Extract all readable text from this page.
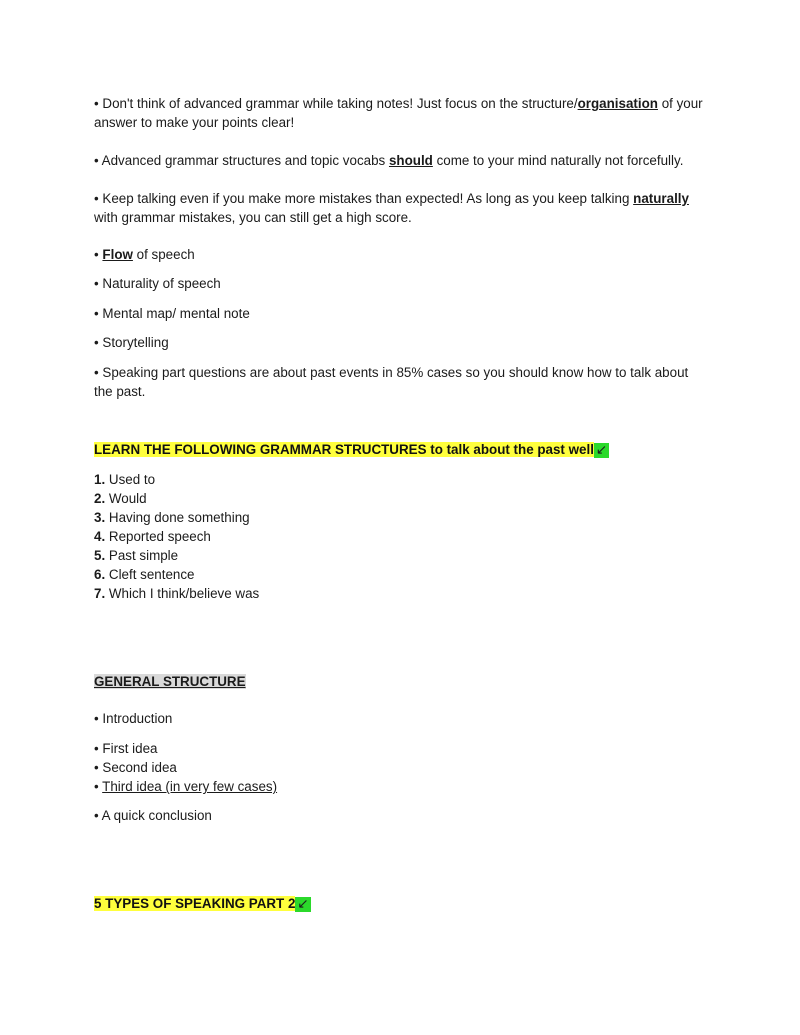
• Don't think of advanced grammar while taking notes! Just focus on the structure/organisation of your answer to make your points clear!
• Advanced grammar structures and topic vocabs should come to your mind naturally not forcefully.
• Keep talking even if you make more mistakes than expected! As long as you keep talking naturally with grammar mistakes, you can still get a high score.
• Flow of speech
• Naturality of speech
• Mental map/ mental note
• Storytelling
• Speaking part questions are about past events in 85% cases so you should know how to talk about the past.
LEARN THE FOLLOWING GRAMMAR STRUCTURES to talk about the past well ↙
1. Used to
2. Would
3. Having done something
4. Reported speech
5. Past simple
6. Cleft sentence
7. Which I think/believe was
GENERAL STRUCTURE
• Introduction
• First idea
• Second idea
• Third idea (in very few cases)
• A quick conclusion
5 TYPES OF SPEAKING PART 2 ↙
